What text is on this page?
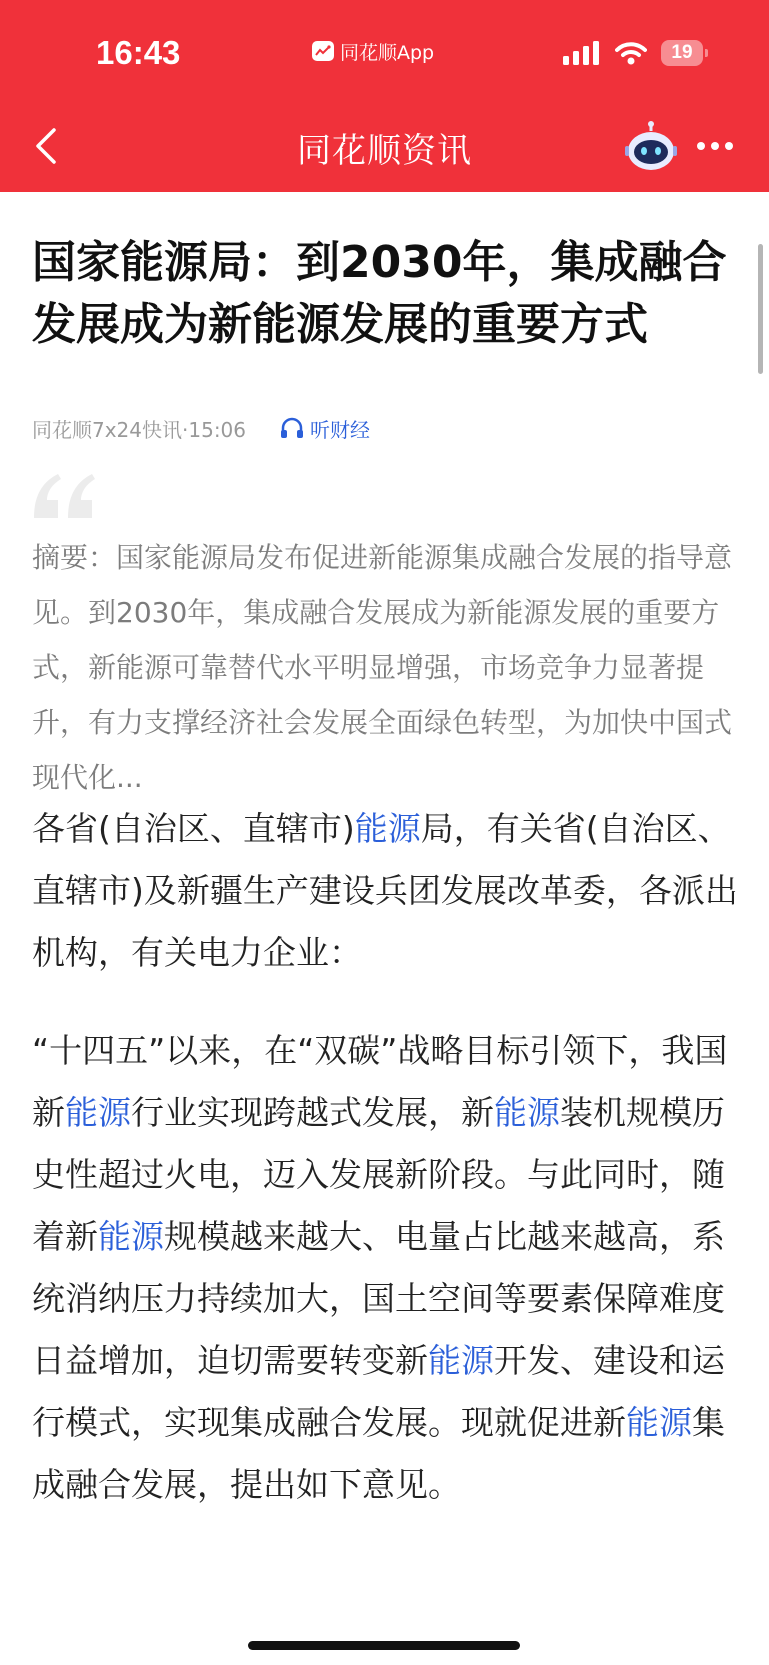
16:43	同花顺App	19
同花顺资讯
国家能源局：到2030年，集成融合发展成为新能源发展的重要方式
同花顺7x24快讯·15:06	听财经

摘要：国家能源局发布促进新能源集成融合发展的指导意见。到2030年，集成融合发展成为新能源发展的重要方式，新能源可靠替代水平明显增强，市场竞争力显著提升，有力支撑经济社会发展全面绿色转型，为加快中国式现代化...

各省(自治区、直辖市)能源局，有关省(自治区、直辖市)及新疆生产建设兵团发展改革委，各派出机构，有关电力企业：

“十四五”以来，在“双碳”战略目标引领下，我国新能源行业实现跨越式发展，新能源装机规模历史性超过火电，迈入发展新阶段。与此同时，随着新能源规模越来越大、电量占比越来越高，系统消纳压力持续加大，国土空间等要素保障难度日益增加，迫切需要转变新能源开发、建设和运行模式，实现集成融合发展。现就促进新能源集成融合发展，提出如下意见。
